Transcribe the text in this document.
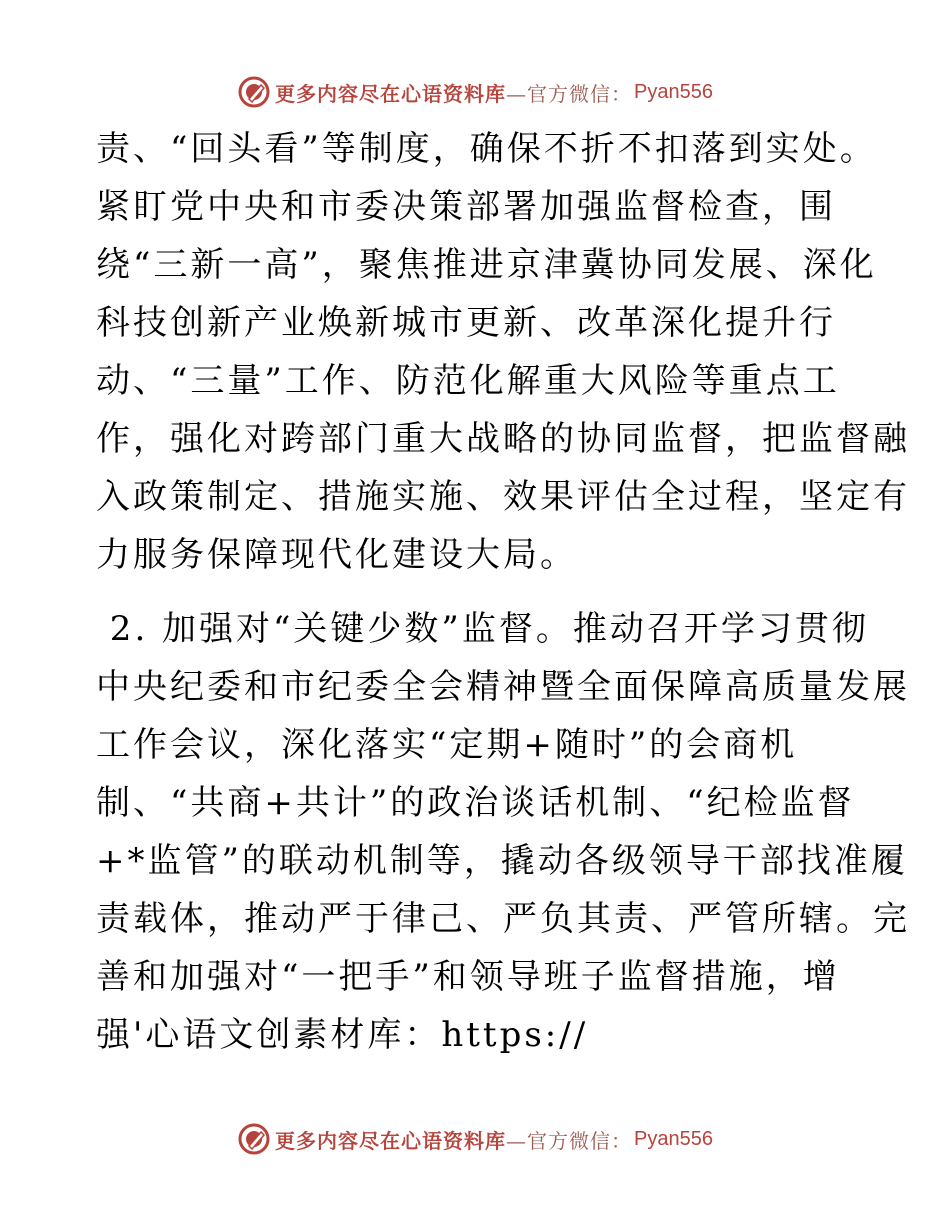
更多内容尽在心语资料库 —官方微信： Pyan556
责、“回头看”等制度，确保不折不扣落到实处。
紧盯党中央和市委决策部署加强监督检查，围
绕“三新一高”，聚焦推进京津冀协同发展、深化
科技创新产业焕新城市更新、改革深化提升行
动、“三量”工作、防范化解重大风险等重点工
作，强化对跨部门重大战略的协同监督，把监督融
入政策制定、措施实施、效果评估全过程，坚定有
力服务保障现代化建设大局。
2. 加强对“关键少数”监督。推动召开学习贯彻
中央纪委和市纪委全会精神暨全面保障高质量发展
工作会议，深化落实“定期+随时”的会商机
制、“共商+共计”的政治谈话机制、“纪检监督
+*监管”的联动机制等，撬动各级领导干部找准履
责载体，推动严于律己、严负其责、严管所辖。完
善和加强对“一把手”和领导班子监督措施，增
强'心语文创素材库：https://
更多内容尽在心语资料库 —官方微信： Pyan556
